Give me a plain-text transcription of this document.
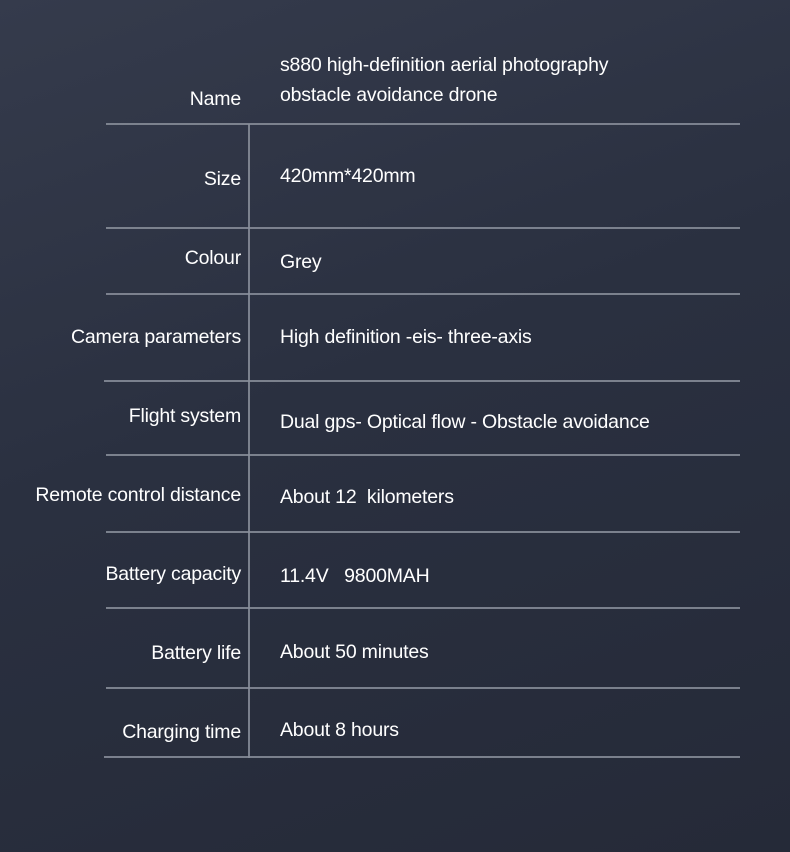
Name
s880 high-definition aerial photography obstacle avoidance drone
Size 420mm*420mm
Colour Grey
Camera parameters High definition -eis- three-axis
Flight system Dual gps- Optical flow - Obstacle avoidance
Remote control distance About 12  kilometers
Battery capacity 11.4V   9800MAH
Battery life About 50 minutes
Charging time About 8 hours
